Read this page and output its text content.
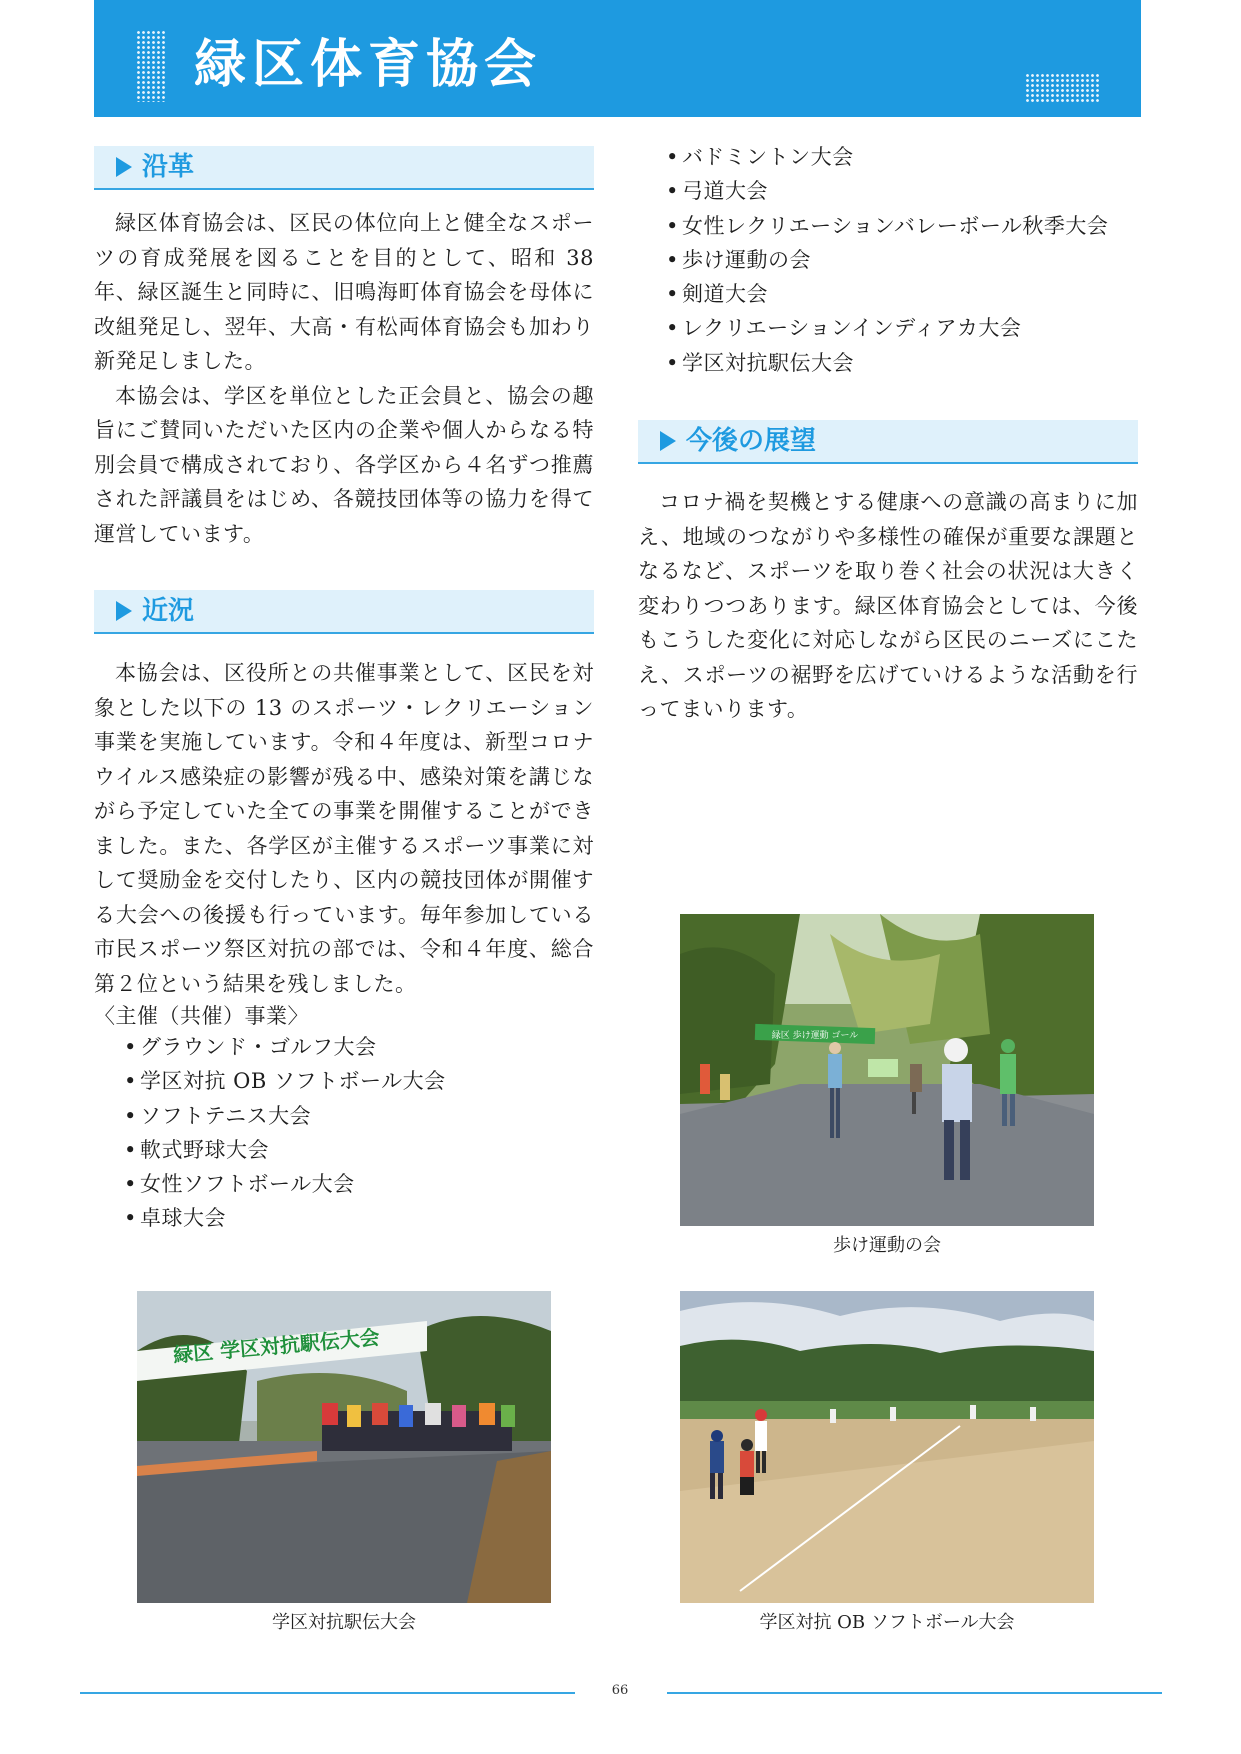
緑区体育協会
沿革

緑区体育協会は、区民の体位向上と健全なスポーツの育成発展を図ることを目的として、昭和 38 年、緑区誕生と同時に、旧鳴海町体育協会を母体に改組発足し、翌年、大高・有松両体育協会も加わり新発足しました。

本協会は、学区を単位とした正会員と、協会の趣旨にご賛同いただいた区内の企業や個人からなる特別会員で構成されており、各学区から４名ずつ推薦された評議員をはじめ、各競技団体等の協力を得て運営しています。

近況

本協会は、区役所との共催事業として、区民を対象とした以下の 13 のスポーツ・レクリエーション事業を実施しています。令和４年度は、新型コロナウイルス感染症の影響が残る中、感染対策を講じながら予定していた全ての事業を開催することができました。また、各学区が主催するスポーツ事業に対して奨励金を交付したり、区内の競技団体が開催する大会への後援も行っています。毎年参加している市民スポーツ祭区対抗の部では、令和４年度、総合第２位という結果を残しました。

〈主催（共催）事業〉
• グラウンド・ゴルフ大会
• 学区対抗 OB ソフトボール大会
• ソフトテニス大会
• 軟式野球大会
• 女性ソフトボール大会
• 卓球大会
• バドミントン大会
• 弓道大会
• 女性レクリエーションバレーボール秋季大会
• 歩け運動の会
• 剣道大会
• レクリエーションインディアカ大会
• 学区対抗駅伝大会
今後の展望

コロナ禍を契機とする健康への意識の高まりに加え、地域のつながりや多様性の確保が重要な課題となるなど、スポーツを取り巻く社会の状況は大きく変わりつつあります。緑区体育協会としては、今後もこうした変化に対応しながら区民のニーズにこたえ、スポーツの裾野を広げていけるような活動を行ってまいります。

緑区 歩け運動 ゴール
歩け運動の会
緑区 学区対抗駅伝大会
学区対抗駅伝大会	学区対抗 OB ソフトボール大会
66
